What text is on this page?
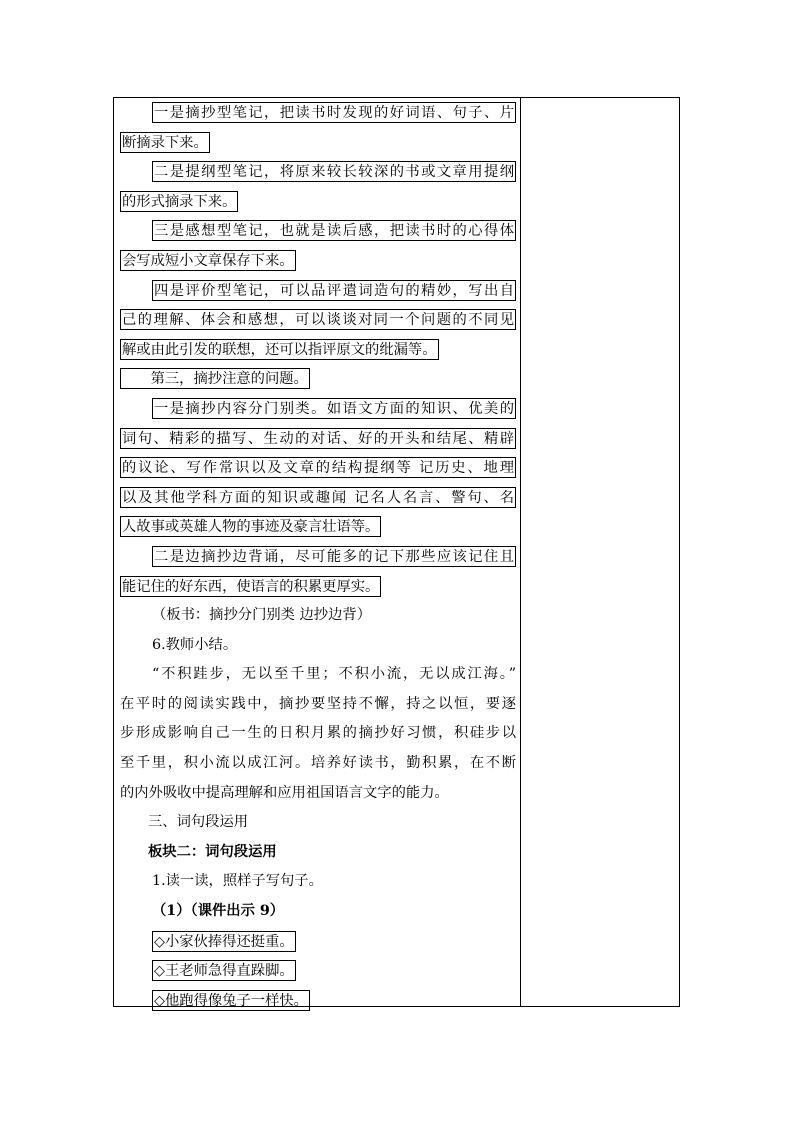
一是摘抄型笔记，把读书时发现的好词语、句子、片
断摘录下来。
二是提纲型笔记，将原来较长较深的书或文章用提纲
的形式摘录下来。
三是感想型笔记，也就是读后感，把读书时的心得体
会写成短小文章保存下来。
四是评价型笔记，可以品评遣词造句的精妙，写出自
己的理解、体会和感想，可以谈谈对同一个问题的不同见
解或由此引发的联想，还可以指评原文的纰漏等。
　　第三，摘抄注意的问题。
一是摘抄内容分门别类。如语文方面的知识、优美的
词句、精彩的描写、生动的对话、好的开头和结尾、精辟
的议论、写作常识以及文章的结构提纲等 记历史、地理
以及其他学科方面的知识或趣闻 记名人名言、警句、名
人故事或英雄人物的事迹及豪言壮语等。
二是边摘抄边背诵，尽可能多的记下那些应该记住且
能记住的好东西，使语言的积累更厚实。
（板书：摘抄分门别类 边抄边背）
6.教师小结。
“不积跬步，无以至千里；不积小流，无以成江海。”
在平时的阅读实践中，摘抄要坚持不懈，持之以恒，要逐
步形成影响自己一生的日积月累的摘抄好习惯，积硅步以
至千里，积小流以成江河。培养好读书，勤积累，在不断
的内外吸收中提高理解和应用祖国语言文字的能力。
三、词句段运用
板块二：词句段运用
1.读一读，照样子写句子。
（1）（课件出示 9）
◇小家伙捧得还挺重。
◇王老师急得直跺脚。
◇他跑得像兔子一样快。
